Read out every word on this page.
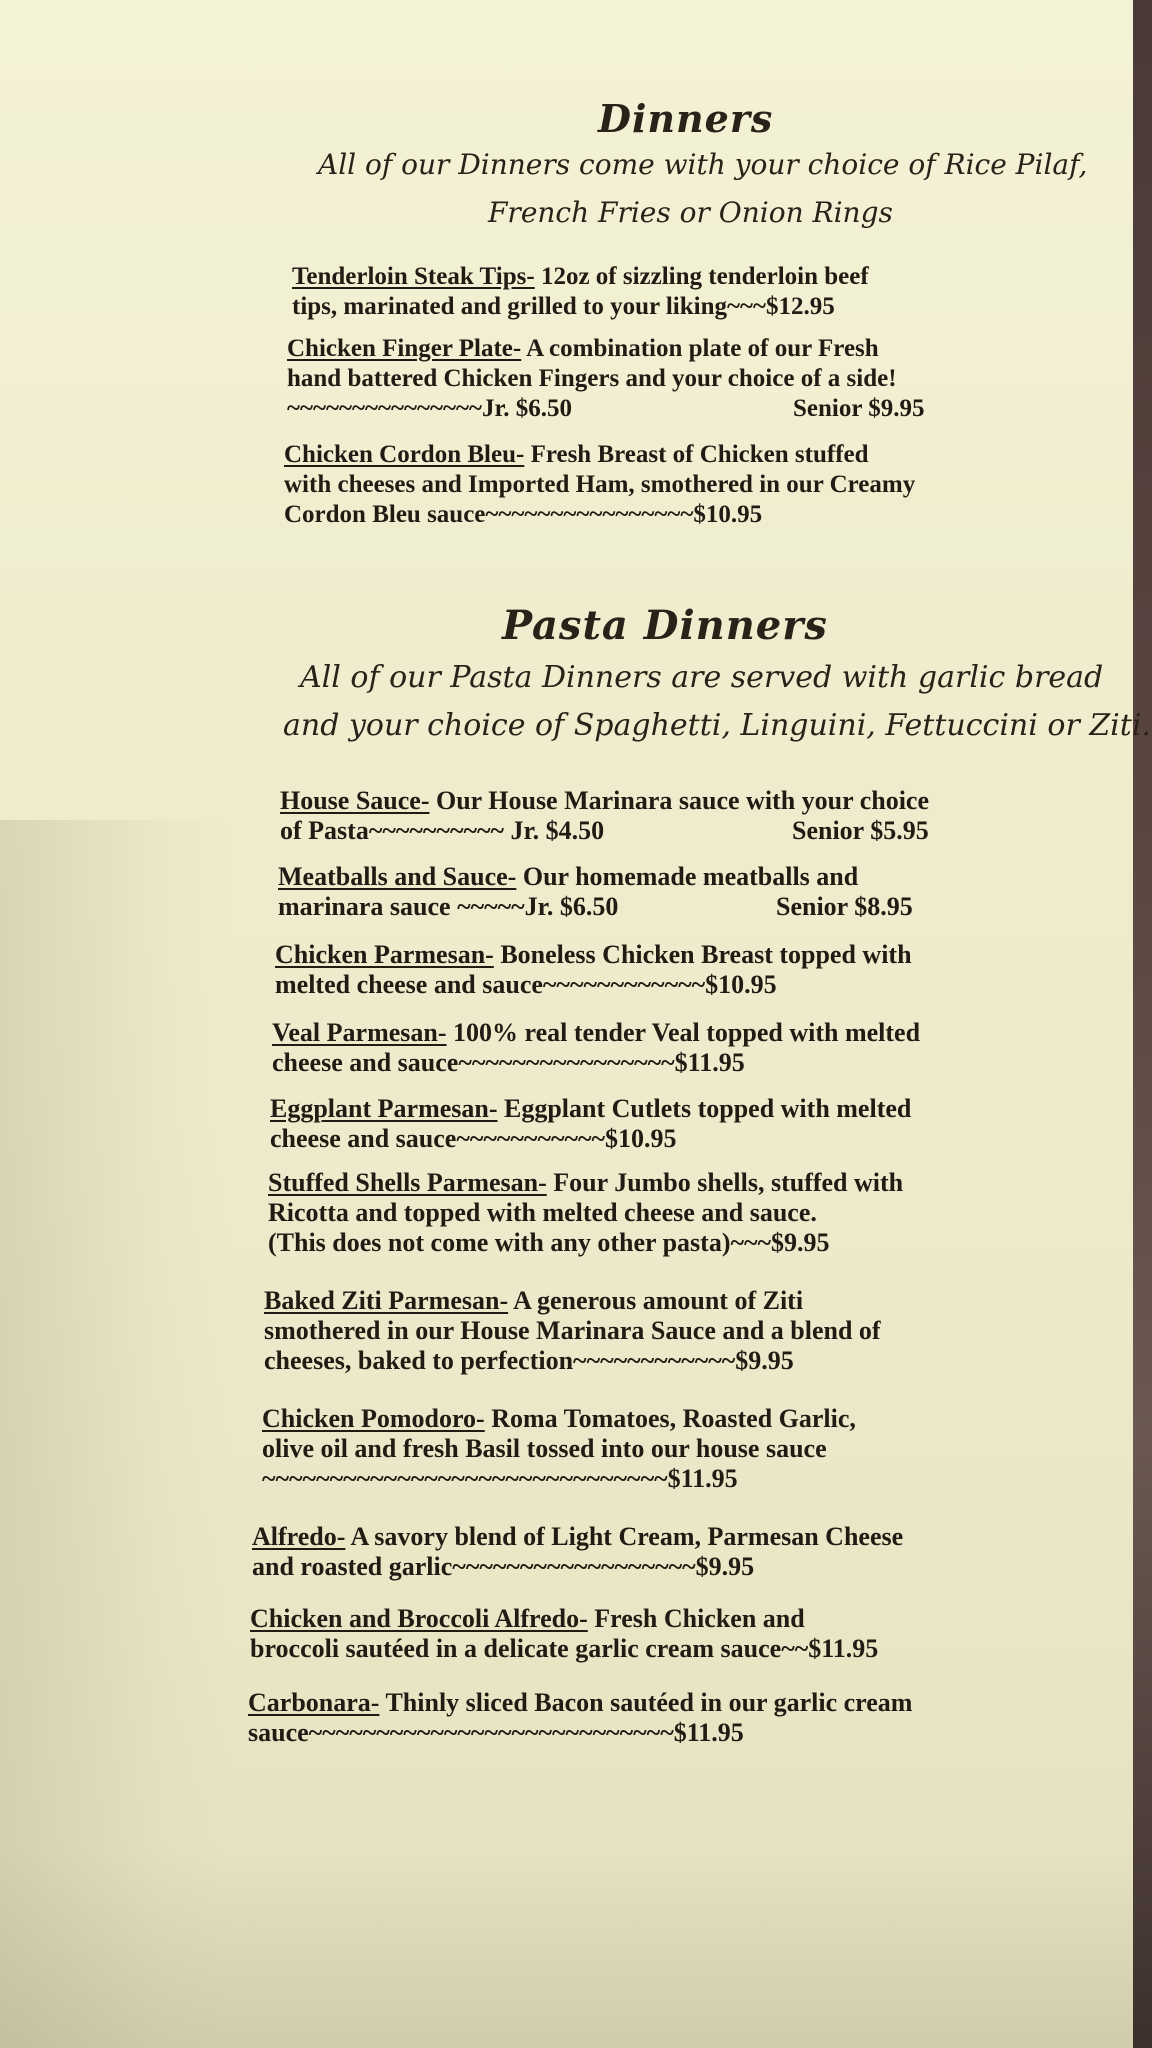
Dinners
All of our Dinners come with your choice of Rice Pilaf,
French Fries or Onion Rings
Tenderloin Steak Tips- 12oz of sizzling tenderloin beef
tips, marinated and grilled to your liking~~~$12.95
Chicken Finger Plate- A combination plate of our Fresh
hand battered Chicken Fingers and your choice of a side!
~~~~~~~~~~~~~~~Jr. $6.50	Senior $9.95
Chicken Cordon Bleu- Fresh Breast of Chicken stuffed
with cheeses and Imported Ham, smothered in our Creamy
Cordon Bleu sauce~~~~~~~~~~~~~~~~$10.95
Pasta Dinners
All of our Pasta Dinners are served with garlic bread
and your choice of Spaghetti, Linguini, Fettuccini or Ziti.
House Sauce- Our House Marinara sauce with your choice
of Pasta~~~~~~~~~~ Jr. $4.50	Senior $5.95
Meatballs and Sauce- Our homemade meatballs and
marinara sauce ~~~~~Jr. $6.50	Senior $8.95
Chicken Parmesan- Boneless Chicken Breast topped with
melted cheese and sauce~~~~~~~~~~~~$10.95
Veal Parmesan- 100% real tender Veal topped with melted
cheese and sauce~~~~~~~~~~~~~~~~$11.95
Eggplant Parmesan- Eggplant Cutlets topped with melted
cheese and sauce~~~~~~~~~~~$10.95
Stuffed Shells Parmesan- Four Jumbo shells, stuffed with
Ricotta and topped with melted cheese and sauce.
(This does not come with any other pasta)~~~$9.95
Baked Ziti Parmesan- A generous amount of Ziti
smothered in our House Marinara Sauce and a blend of
cheeses, baked to perfection~~~~~~~~~~~~$9.95
Chicken Pomodoro- Roma Tomatoes, Roasted Garlic,
olive oil and fresh Basil tossed into our house sauce
~~~~~~~~~~~~~~~~~~~~~~~~~~~~~~$11.95
Alfredo- A savory blend of Light Cream, Parmesan Cheese
and roasted garlic~~~~~~~~~~~~~~~~~~$9.95
Chicken and Broccoli Alfredo- Fresh Chicken and
broccoli sautéed in a delicate garlic cream sauce~~$11.95
Carbonara- Thinly sliced Bacon sautéed in our garlic cream
sauce~~~~~~~~~~~~~~~~~~~~~~~~~~~$11.95
